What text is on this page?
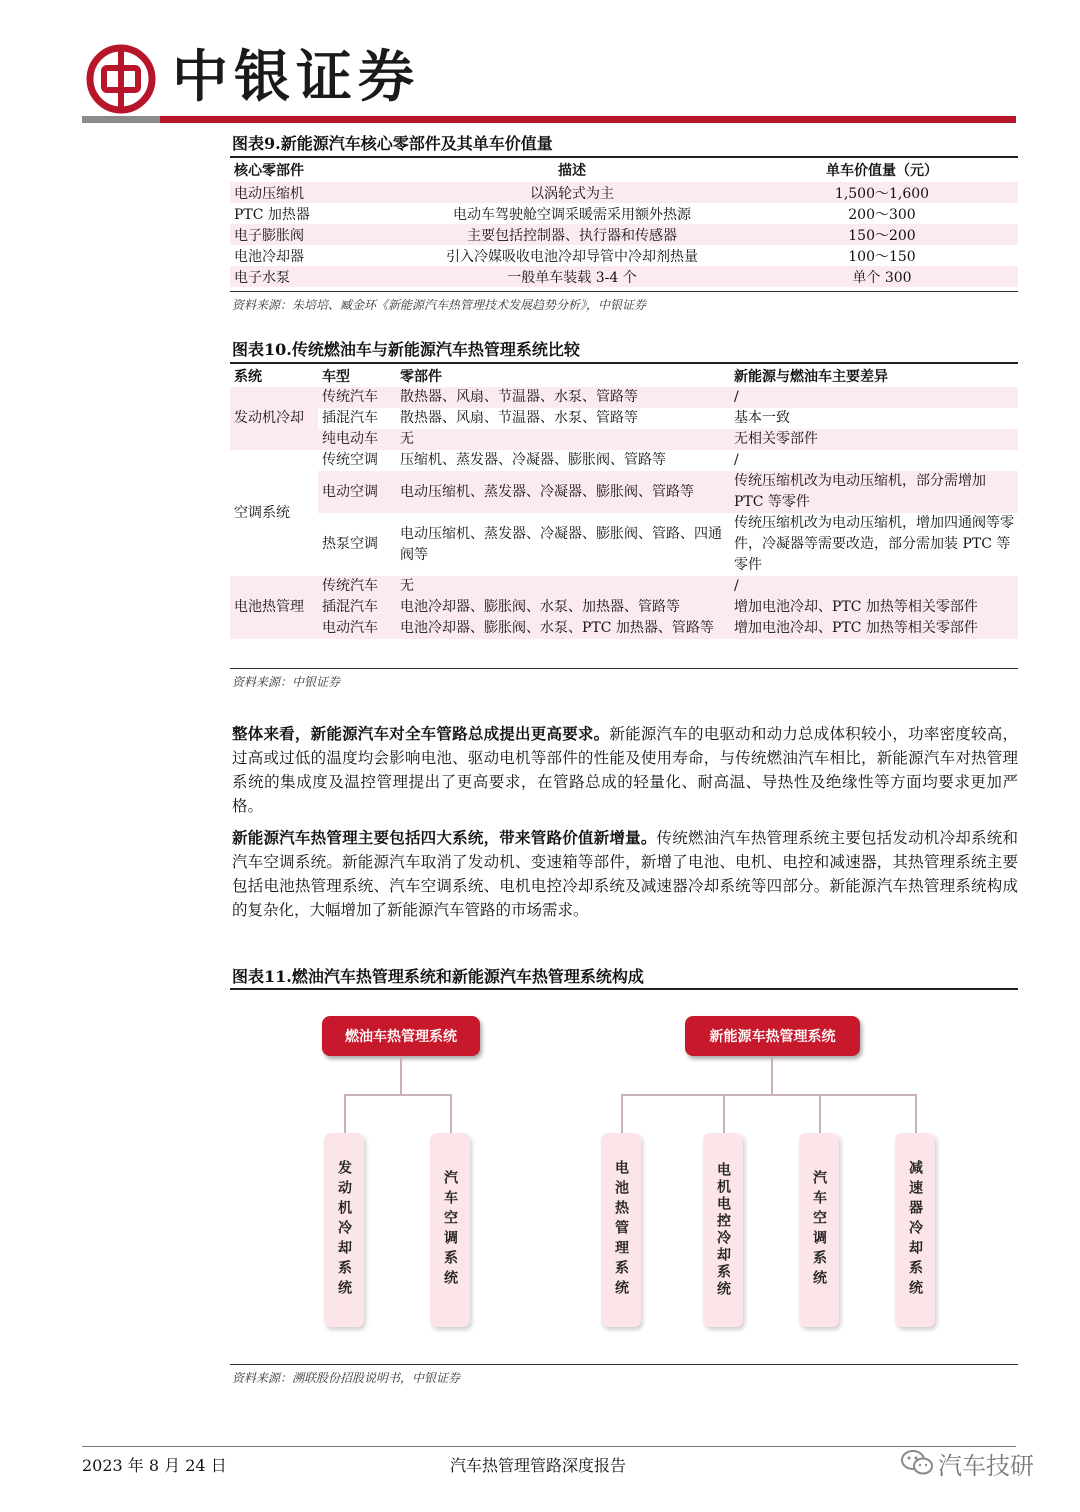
中银证券
图表9.新能源汽车核心零部件及其单车价值量
核心零部件	描述	单车价值量（元）
电动压缩机	以涡轮式为主	1,500～1,600
PTC 加热器	电动车驾驶舱空调采暖需采用额外热源	200～300
电子膨胀阀	主要包括控制器、执行器和传感器	150～200
电池冷却器	引入冷媒吸收电池冷却导管中冷却剂热量	100～150
电子水泵	一般单车装载 3-4 个	单个 300
资料来源：朱培培、臧金环《新能源汽车热管理技术发展趋势分析》，中银证券
图表10.传统燃油车与新能源汽车热管理系统比较
系统	车型	零部件	新能源与燃油车主要差异
发动机冷却	传统汽车	散热器、风扇、节温器、水泵、管路等	/
	插混汽车	散热器、风扇、节温器、水泵、管路等	基本一致
	纯电动车	无	无相关零部件
空调系统	传统空调	压缩机、蒸发器、冷凝器、膨胀阀、管路等	/
	电动空调	电动压缩机、蒸发器、冷凝器、膨胀阀、管路等	传统压缩机改为电动压缩机，部分需增加 PTC 等零件
	热泵空调	电动压缩机、蒸发器、冷凝器、膨胀阀、管路、四通阀等	传统压缩机改为电动压缩机，增加四通阀等零件，冷凝器等需要改造，部分需加装 PTC 等零件
电池热管理	传统汽车	无	/
	插混汽车	电池冷却器、膨胀阀、水泵、加热器、管路等	增加电池冷却、PTC 加热等相关零部件
	电动汽车	电池冷却器、膨胀阀、水泵、PTC 加热器、管路等	增加电池冷却、PTC 加热等相关零部件
资料来源：中银证券
整体来看，新能源汽车对全车管路总成提出更高要求。新能源汽车的电驱动和动力总成体积较小，功率密度较高，过高或过低的温度均会影响电池、驱动电机等部件的性能及使用寿命，与传统燃油汽车相比，新能源汽车对热管理系统的集成度及温控管理提出了更高要求，在管路总成的轻量化、耐高温、导热性及绝缘性等方面均要求更加严格。
新能源汽车热管理主要包括四大系统，带来管路价值新增量。传统燃油汽车热管理系统主要包括发动机冷却系统和汽车空调系统。新能源汽车取消了发动机、变速箱等部件，新增了电池、电机、电控和减速器，其热管理系统主要包括电池热管理系统、汽车空调系统、电机电控冷却系统及减速器冷却系统等四部分。新能源汽车热管理系统构成的复杂化，大幅增加了新能源汽车管路的市场需求。
图表11.燃油汽车热管理系统和新能源汽车热管理系统构成
燃油车热管理系统
发动机冷却系统	汽车空调系统
新能源车热管理系统
电池热管理系统	电机电控冷却系统	汽车空调系统	减速器冷却系统
资料来源：溯联股份招股说明书，中银证券
2023 年 8 月 24 日	汽车热管理管路深度报告	汽车技研
